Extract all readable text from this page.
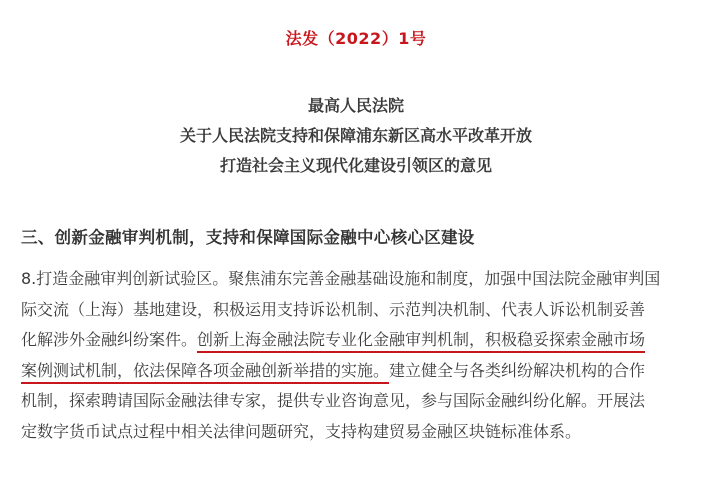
法发（2022）1号
最高人民法院
关于人民法院支持和保障浦东新区高水平改革开放
打造社会主义现代化建设引领区的意见
三、创新金融审判机制，支持和保障国际金融中心核心区建设
8.打造金融审判创新试验区。聚焦浦东完善金融基础设施和制度，加强中国法院金融审判国
际交流（上海）基地建设，积极运用支持诉讼机制、示范判决机制、代表人诉讼机制妥善
化解涉外金融纠纷案件。创新上海金融法院专业化金融审判机制，积极稳妥探索金融市场
案例测试机制，依法保障各项金融创新举措的实施。建立健全与各类纠纷解决机构的合作
机制，探索聘请国际金融法律专家，提供专业咨询意见，参与国际金融纠纷化解。开展法
定数字货币试点过程中相关法律问题研究，支持构建贸易金融区块链标准体系。
